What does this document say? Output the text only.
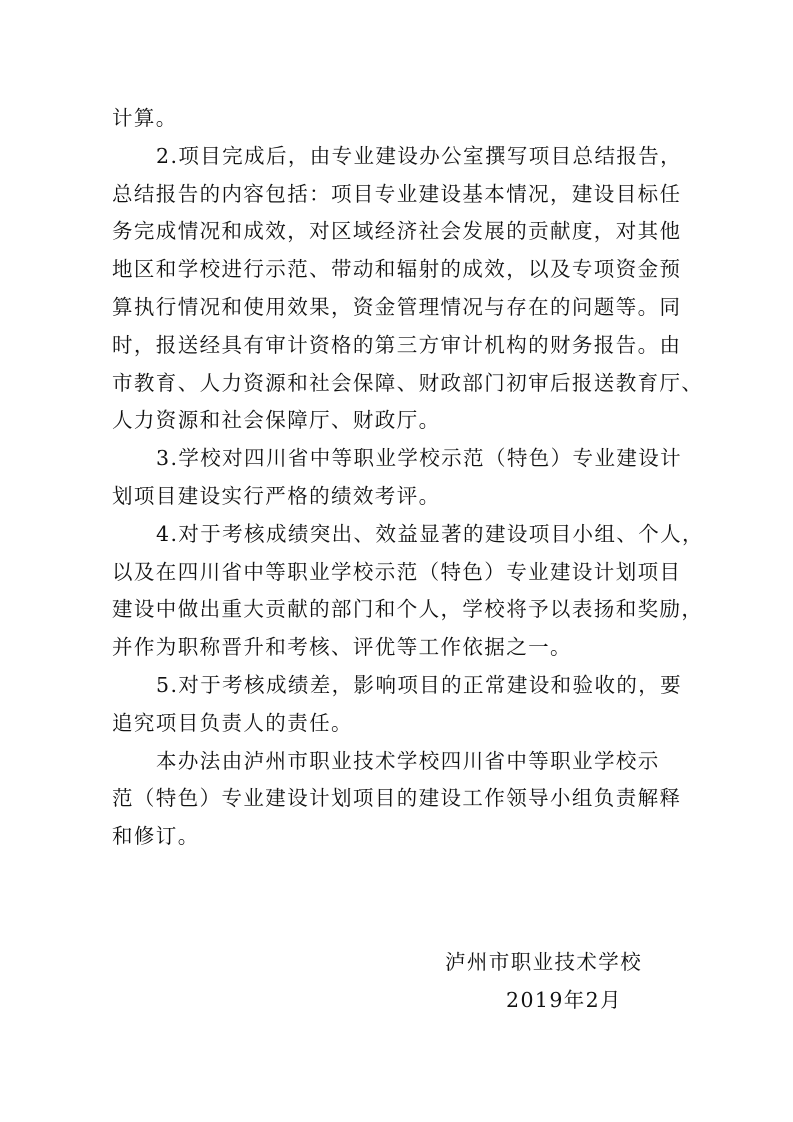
计算。
2.项目完成后，由专业建设办公室撰写项目总结报告，
总结报告的内容包括：项目专业建设基本情况，建设目标任
务完成情况和成效，对区域经济社会发展的贡献度，对其他
地区和学校进行示范、带动和辐射的成效，以及专项资金预
算执行情况和使用效果，资金管理情况与存在的问题等。同
时，报送经具有审计资格的第三方审计机构的财务报告。由
市教育、人力资源和社会保障、财政部门初审后报送教育厅、
人力资源和社会保障厅、财政厅。
3.学校对四川省中等职业学校示范（特色）专业建设计
划项目建设实行严格的绩效考评。
4.对于考核成绩突出、效益显著的建设项目小组、个人，
以及在四川省中等职业学校示范（特色）专业建设计划项目
建设中做出重大贡献的部门和个人，学校将予以表扬和奖励，
并作为职称晋升和考核、评优等工作依据之一。
5.对于考核成绩差，影响项目的正常建设和验收的，要
追究项目负责人的责任。
本办法由泸州市职业技术学校四川省中等职业学校示
范（特色）专业建设计划项目的建设工作领导小组负责解释
和修订。
泸州市职业技术学校
2019年2月
